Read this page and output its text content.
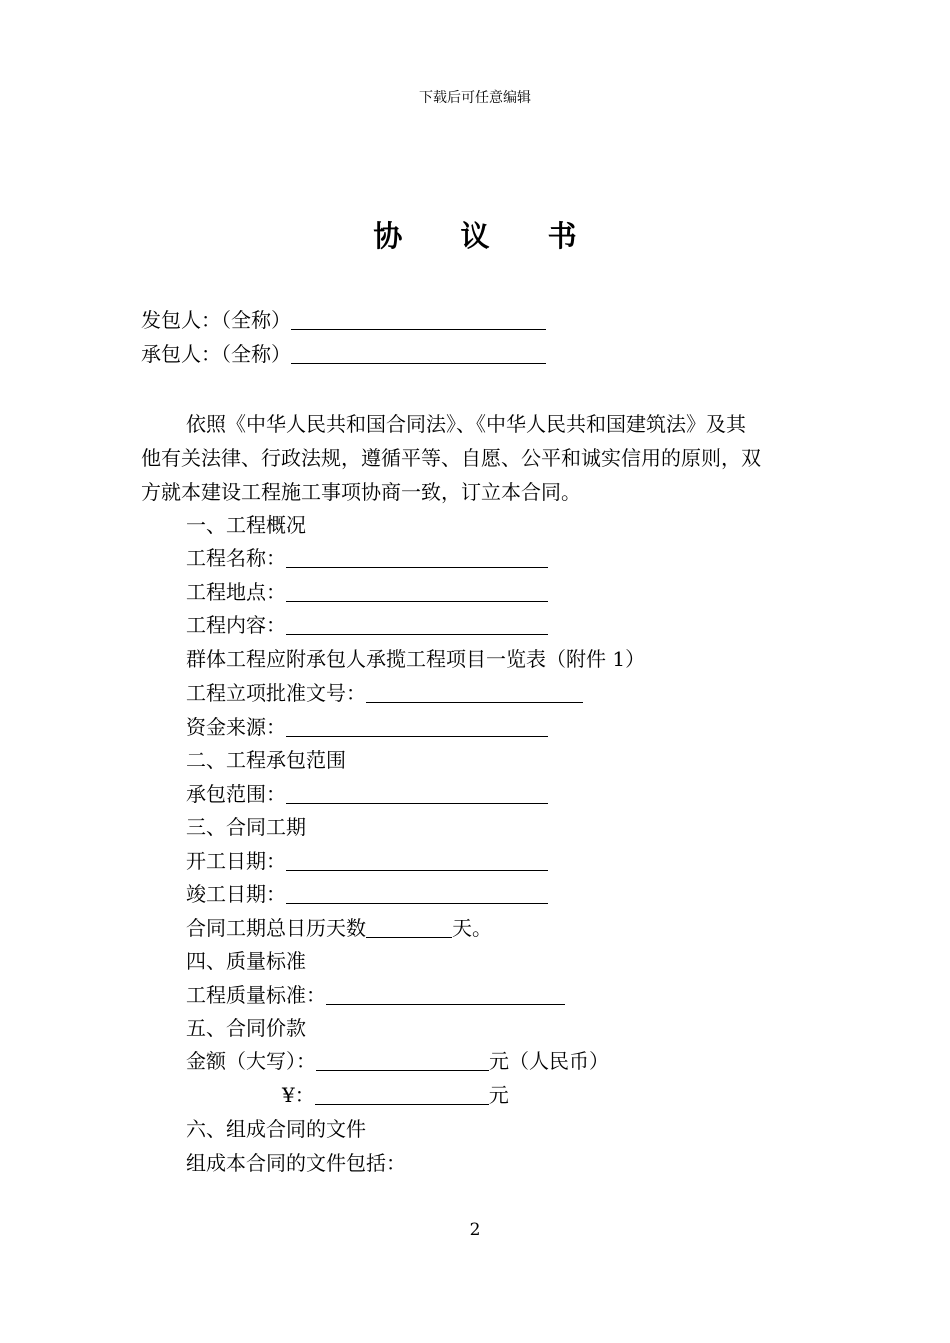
下载后可任意编辑
协 议 书
发包人：（全称）
承包人：（全称）
依照《中华人民共和国合同法》、《中华人民共和国建筑法》及其
他有关法律、行政法规，遵循平等、自愿、公平和诚实信用的原则，双
方就本建设工程施工事项协商一致，订立本合同。
一、工程概况
工程名称：
工程地点：
工程内容：
群体工程应附承包人承揽工程项目一览表（附件 1）
工程立项批准文号：
资金来源：
二、工程承包范围
承包范围：
三、合同工期
开工日期：
竣工日期：
合同工期总日历天数	天。
四、质量标准
工程质量标准：
五、合同价款
金额（大写）：	元（人民币）
¥：	元
六、组成合同的文件
组成本合同的文件包括：
2
